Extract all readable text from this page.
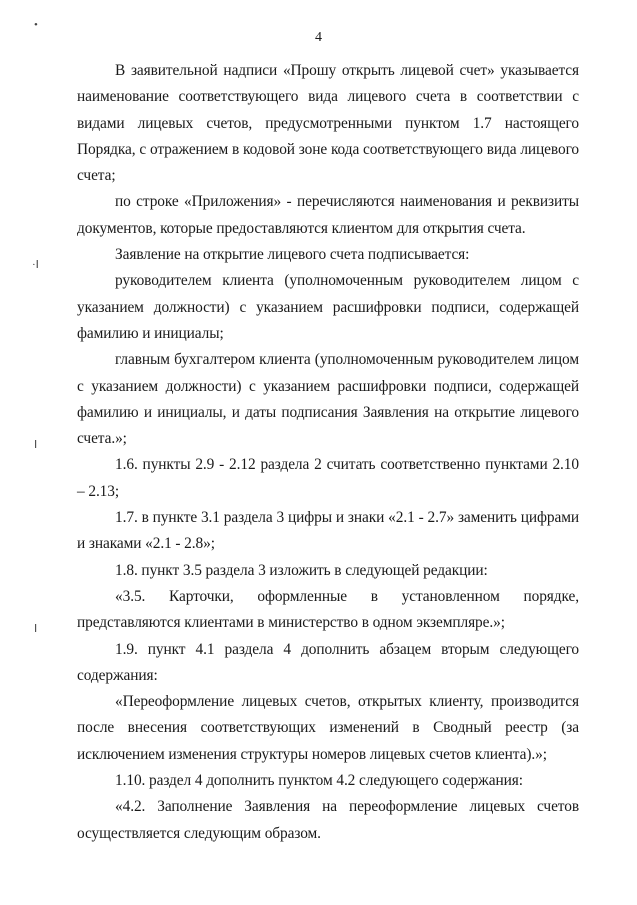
•
·ⵏ
ⵏ
ⵏ
4

В заявительной надписи «Прошу открыть лицевой счет» указывается наименование соответствующего вида лицевого счета в соответствии с видами лицевых счетов, предусмотренными пунктом 1.7 настоящего Порядка, с отражением в кодовой зоне кода соответствующего вида лицевого счета;

по строке «Приложения» - перечисляются наименования и реквизиты документов, которые предоставляются клиентом для открытия счета.

Заявление на открытие лицевого счета подписывается:

руководителем клиента (уполномоченным руководителем лицом с указанием должности) с указанием расшифровки подписи, содержащей фамилию и инициалы;

главным бухгалтером клиента (уполномоченным руководителем лицом с указанием должности) с указанием расшифровки подписи, содержащей фамилию и инициалы, и даты подписания Заявления на открытие лицевого счета.»;

1.6. пункты 2.9 - 2.12 раздела 2 считать соответственно пунктами 2.10 – 2.13;

1.7. в пункте 3.1 раздела 3 цифры и знаки «2.1 - 2.7» заменить цифрами и знаками «2.1 - 2.8»;

1.8. пункт 3.5 раздела 3 изложить в следующей редакции:

«3.5. Карточки, оформленные в установленном порядке, представляются клиентами в министерство в одном экземпляре.»;

1.9. пункт 4.1 раздела 4 дополнить абзацем вторым следующего содержания:

«Переоформление лицевых счетов, открытых клиенту, производится после внесения соответствующих изменений в Сводный реестр (за исключением изменения структуры номеров лицевых счетов клиента).»;

1.10. раздел 4 дополнить пунктом 4.2 следующего содержания:

«4.2. Заполнение Заявления на переоформление лицевых счетов осуществляется следующим образом.
